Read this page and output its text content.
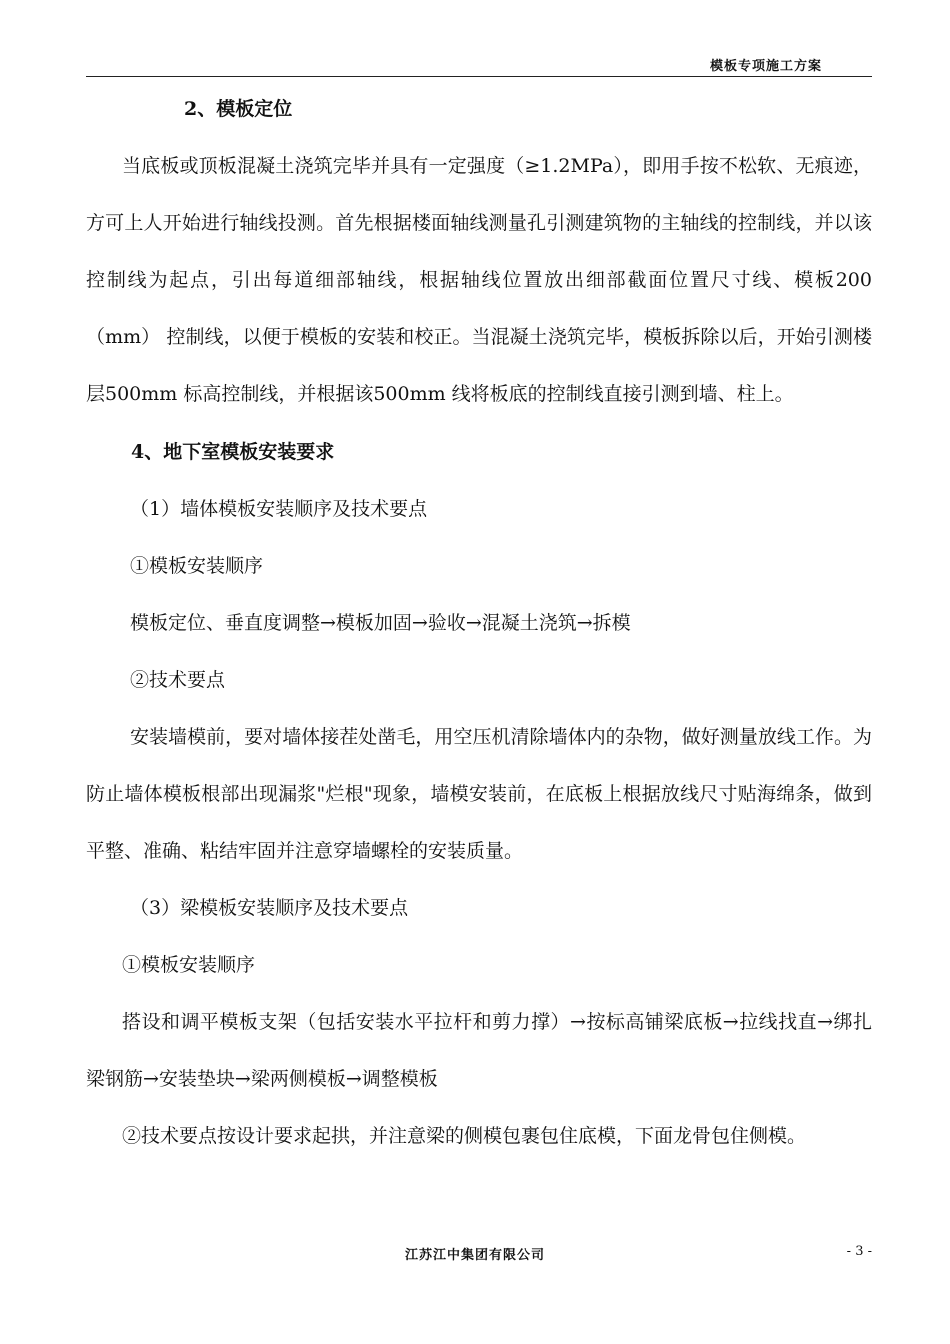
模板专项施工方案
2、模板定位

当底板或顶板混凝土浇筑完毕并具有一定强度（≥1.2MPa），即用手按不松软、无痕迹，方可上人开始进行轴线投测。首先根据楼面轴线测量孔引测建筑物的主轴线的控制线，并以该控制线为起点，引出每道细部轴线，根据轴线位置放出细部截面位置尺寸线、模板200（mm） 控制线，以便于模板的安装和校正。当混凝土浇筑完毕，模板拆除以后，开始引测楼层500mm 标高控制线，并根据该500mm 线将板底的控制线直接引测到墙、柱上。

4、地下室模板安装要求
（1）墙体模板安装顺序及技术要点
①模板安装顺序
模板定位、垂直度调整→模板加固→验收→混凝土浇筑→拆模
②技术要点

安装墙模前，要对墙体接茬处凿毛，用空压机清除墙体内的杂物，做好测量放线工作。为防止墙体模板根部出现漏浆"烂根"现象，墙模安装前，在底板上根据放线尺寸贴海绵条，做到平整、准确、粘结牢固并注意穿墙螺栓的安装质量。

（3）梁模板安装顺序及技术要点
①模板安装顺序

搭设和调平模板支架（包括安装水平拉杆和剪力撑）→按标高铺梁底板→拉线找直→绑扎梁钢筋→安装垫块→梁两侧模板→调整模板

②技术要点按设计要求起拱，并注意梁的侧模包裹包住底模，下面龙骨包住侧模。
江苏江中集团有限公司	- 3 -
